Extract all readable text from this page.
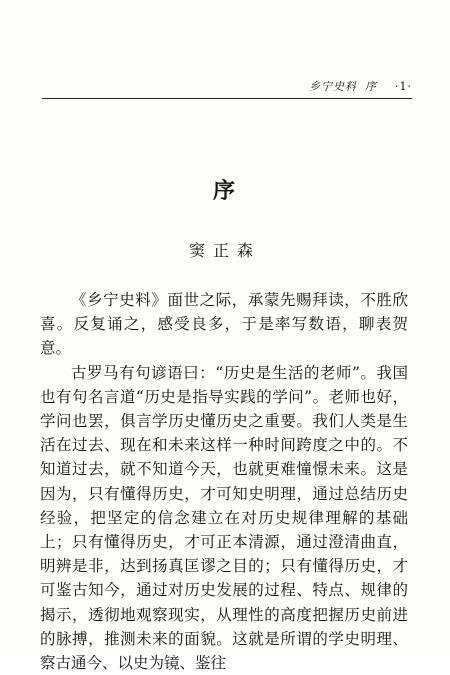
乡宁史料 序 ·1·
序
窦正森

《乡宁史料》面世之际，承蒙先赐拜读，不胜欣喜。反复诵之，感受良多，于是率写数语，聊表贺意。

古罗马有句谚语曰：“历史是生活的老师”。我国也有句名言道“历史是指导实践的学问”。老师也好，学问也罢，俱言学历史懂历史之重要。我们人类是生活在过去、现在和未来这样一种时间跨度之中的。不知道过去，就不知道今天，也就更难憧憬未来。这是因为，只有懂得历史，才可知史明理，通过总结历史经验，把坚定的信念建立在对历史规律理解的基础上；只有懂得历史，才可正本清源，通过澄清曲直，明辨是非，达到扬真匡谬之目的；只有懂得历史，才可鉴古知今，通过对历史发展的过程、特点、规律的揭示，透彻地观察现实，从理性的高度把握历史前进的脉搏，推测未来的面貌。这就是所谓的学史明理、察古通今、以史为镜、鉴往
